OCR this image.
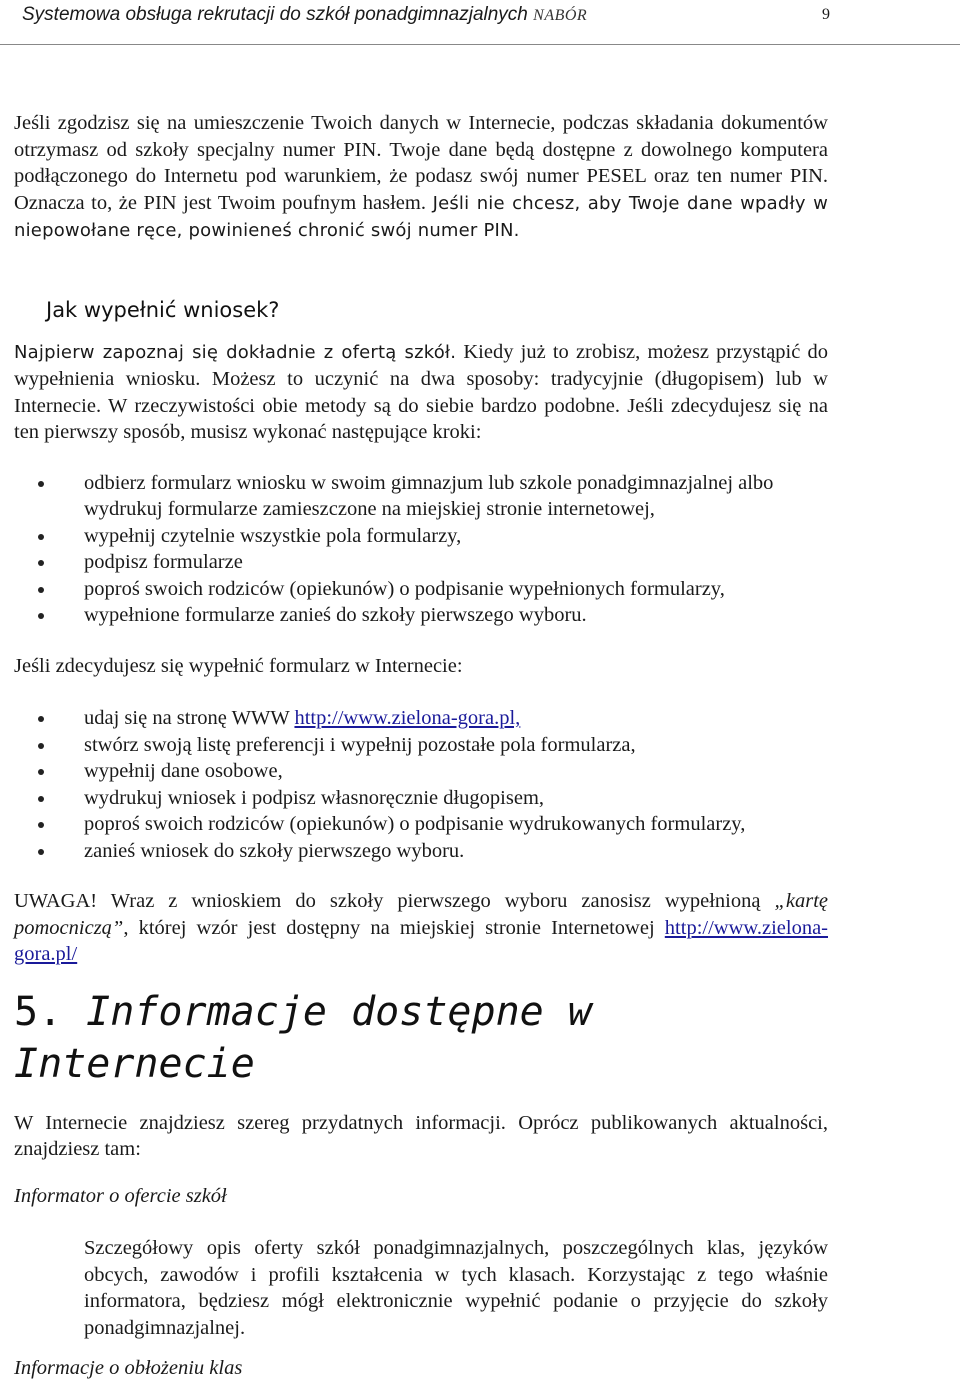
Systemowa obsługa rekrutacji do szkół ponadgimnazjalnych NABÓR	9

Jeśli zgodzisz się na umieszczenie Twoich danych w Internecie, podczas składania dokumentów otrzymasz od szkoły specjalny numer PIN. Twoje dane będą dostępne z dowolnego komputera podłączonego do Internetu pod warunkiem, że podasz swój numer PESEL oraz ten numer PIN. Oznacza to, że PIN jest Twoim poufnym hasłem. Jeśli nie chcesz, aby Twoje dane wpadły w niepowołane ręce, powinieneś chronić swój numer PIN.

Jak wypełnić wniosek?

Najpierw zapoznaj się dokładnie z ofertą szkół. Kiedy już to zrobisz, możesz przystąpić do wypełnienia wniosku. Możesz to uczynić na dwa sposoby: tradycyjnie (długopisem) lub w Internecie. W rzeczywistości obie metody są do siebie bardzo podobne. Jeśli zdecydujesz się na ten pierwszy sposób, musisz wykonać następujące kroki:

odbierz formularz wniosku w swoim gimnazjum lub szkole ponadgimnazjalnej albo wydrukuj formularze zamieszczone na miejskiej stronie internetowej,
wypełnij czytelnie wszystkie pola formularzy,
podpisz formularze
poproś swoich rodziców (opiekunów) o podpisanie wypełnionych formularzy,
wypełnione formularze zanieś do szkoły pierwszego wyboru.

Jeśli zdecydujesz się wypełnić formularz w Internecie:

udaj się na stronę WWW http://www.zielona-gora.pl,
stwórz swoją listę preferencji i wypełnij pozostałe pola formularza,
wypełnij dane osobowe,
wydrukuj wniosek i podpisz własnoręcznie długopisem,
poproś swoich rodziców (opiekunów) o podpisanie wydrukowanych formularzy,
zanieś wniosek do szkoły pierwszego wyboru.

UWAGA! Wraz z wnioskiem do szkoły pierwszego wyboru zanosisz wypełnioną „kartę pomocniczą”, której wzór jest dostępny na miejskiej stronie Internetowej http://www.zielona-gora.pl/

5. Informacje dostępne w Internecie

W Internecie znajdziesz szereg przydatnych informacji. Oprócz publikowanych aktualności, znajdziesz tam:

Informator o ofercie szkół

Szczegółowy opis oferty szkół ponadgimnazjalnych, poszczególnych klas, języków obcych, zawodów i profili kształcenia w tych klasach. Korzystając z tego właśnie informatora, będziesz mógł elektronicznie wypełnić podanie o przyjęcie do szkoły ponadgimnazjalnej.

Informacje o obłożeniu klas
